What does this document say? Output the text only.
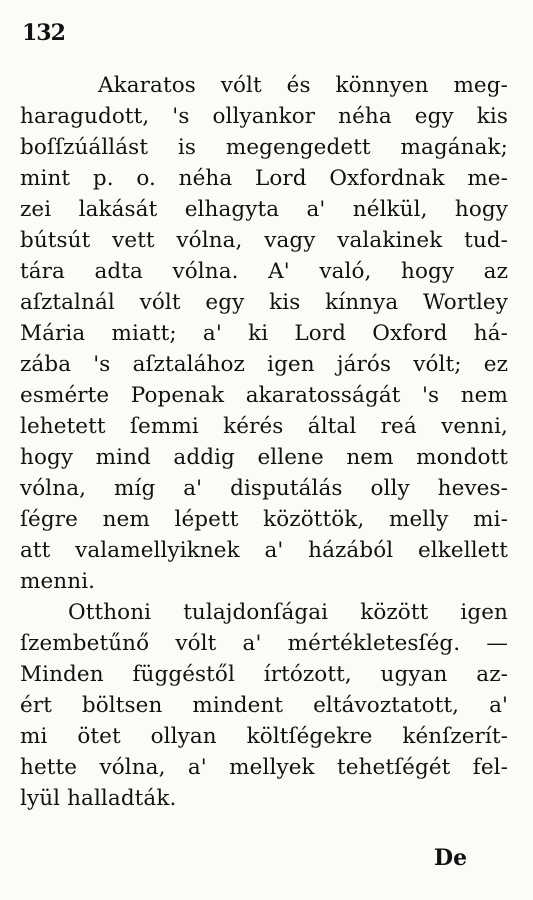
132
Akaratos vólt és könnyen meg-
haragudott, 's ollyankor néha egy kis
boſſzúállást is megengedett magának;
mint p. o. néha Lord Oxfordnak me-
zei lakását elhagyta a' nélkül, hogy
bútsút vett vólna, vagy valakinek tud-
tára adta vólna. A' való, hogy az
aſztalnál vólt egy kis kínnya Wortley
Mária miatt; a' ki Lord Oxford há-
zába 's aſztalához igen járós vólt; ez
esmérte Popenak akaratosságát 's nem
lehetett ſemmi kérés által reá venni,
hogy mind addig ellene nem mondott
vólna, míg a' disputálás olly heves-
ſégre nem lépett közöttök, melly mi-
att valamellyiknek a' házából elkellett
menni.
Otthoni tulajdonſágai között igen
ſzembetűnő vólt a' mértékletesſég. —
Minden függéstől írtózott, ugyan az-
ért böltsen mindent eltávoztatott, a'
mi ötet ollyan költſégekre kénſzerít-
hette vólna, a' mellyek tehetſégét fel-
lyül halladták.
De
